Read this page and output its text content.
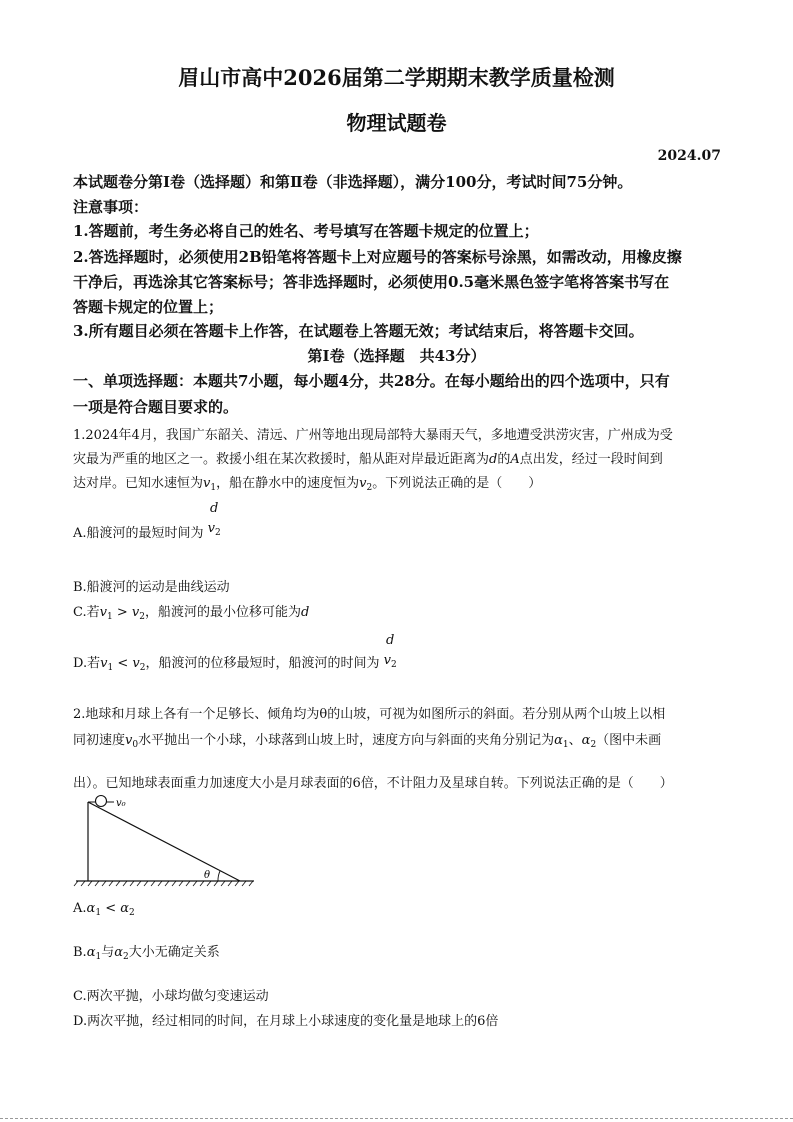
眉山市高中2026届第二学期期末教学质量检测
物理试题卷
2024.07
本试题卷分第Ⅰ卷（选择题）和第Ⅱ卷（非选择题），满分100分，考试时间75分钟。
注意事项：
1.答题前，考生务必将自己的姓名、考号填写在答题卡规定的位置上；
2.答选择题时，必须使用2B铅笔将答题卡上对应题号的答案标号涂黑，如需改动，用橡皮擦
干净后，再选涂其它答案标号；答非选择题时，必须使用0.5毫米黑色签字笔将答案书写在
答题卡规定的位置上；
3.所有题目必须在答题卡上作答，在试题卷上答题无效；考试结束后，将答题卡交回。
第Ⅰ卷（选择题　共43分）
一、单项选择题：本题共7小题，每小题4分，共28分。在每小题给出的四个选项中，只有
一项是符合题目要求的。
1.2024年4月，我国广东韶关、清远、广州等地出现局部特大暴雨天气，多地遭受洪涝灾害，广州成为受
灾最为严重的地区之一。救援小组在某次救援时，船从距对岸最近距离为d的A点出发，经过一段时间到
达对岸。已知水速恒为$v_1$，船在静水中的速度恒为$v_2$。下列说法正确的是（　　）
A.船渡河的最短时间为
d
$v_2$
B.船渡河的运动是曲线运动
C.若$v_1 > v_2$，船渡河的最小位移可能为d
D.若$v_1 < v_2$，船渡河的位移最短时，船渡河的时间为
d
$v_2$
2.地球和月球上各有一个足够长、倾角均为θ的山坡，可视为如图所示的斜面。若分别从两个山坡上以相
同初速度$v_0$水平抛出一个小球，小球落到山坡上时，速度方向与斜面的夹角分别记为$\alpha_1$、$\alpha_2$（图中未画
出）。已知地球表面重力加速度大小是月球表面的6倍，不计阻力及星球自转。下列说法正确的是（　　）
v₀
θ
$A.\alpha_1 < \alpha_2$
$B.\alpha_1$与$\alpha_2$大小无确定关系
C.两次平抛，小球均做匀变速运动
D.两次平抛，经过相同的时间，在月球上小球速度的变化量是地球上的6倍
